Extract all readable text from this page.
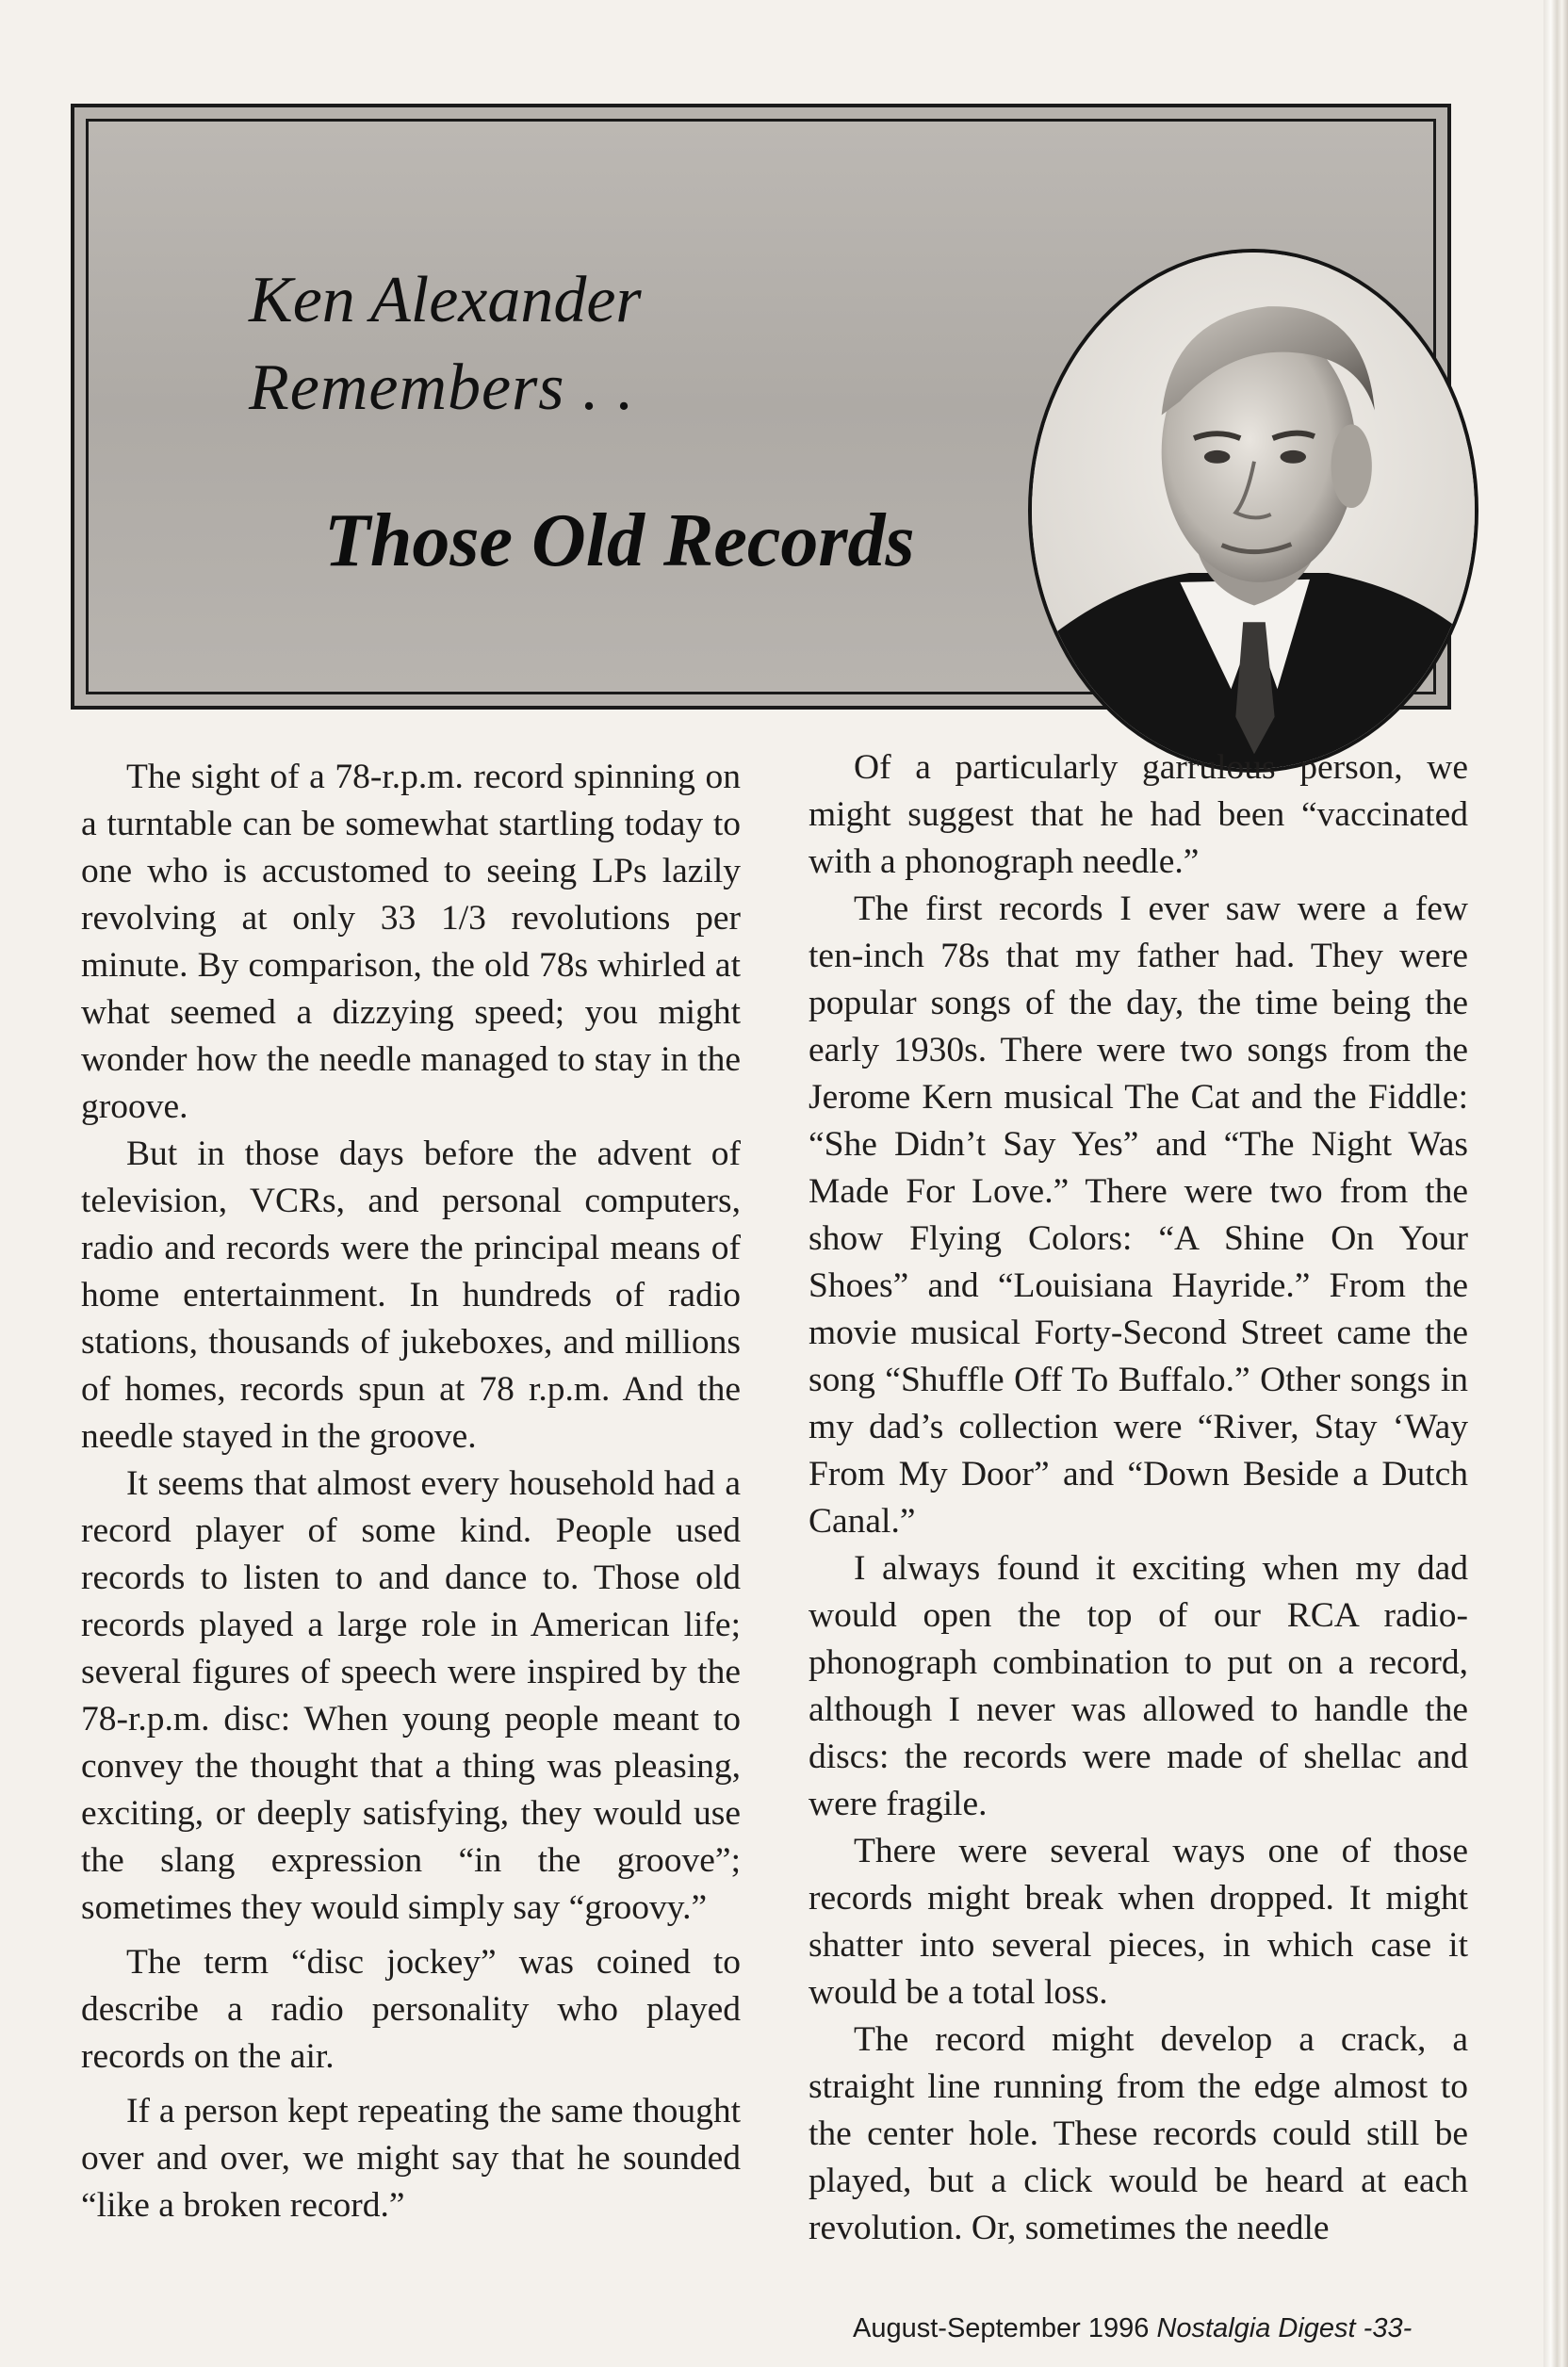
Ken Alexander
Remembers . .
Those Old Records

The sight of a 78-r.p.m. record spinning on a turntable can be somewhat startling today to one who is accustomed to seeing LPs lazily revolving at only 33 1/3 revolutions per minute. By comparison, the old 78s whirled at what seemed a dizzying speed; you might wonder how the needle managed to stay in the groove.

But in those days before the advent of television, VCRs, and personal computers, radio and records were the principal means of home entertainment. In hundreds of radio stations, thousands of jukeboxes, and millions of homes, records spun at 78 r.p.m. And the needle stayed in the groove.

It seems that almost every household had a record player of some kind. People used records to listen to and dance to. Those old records played a large role in American life; several figures of speech were inspired by the 78-r.p.m. disc: When young people meant to convey the thought that a thing was pleasing, exciting, or deeply satisfying, they would use the slang expression “in the groove”; sometimes they would simply say “groovy.”

The term “disc jockey” was coined to describe a radio personality who played records on the air.

If a person kept repeating the same thought over and over, we might say that he sounded “like a broken record.”

Of a particularly garrulous person, we might suggest that he had been “vaccinated with a phonograph needle.”

The first records I ever saw were a few ten-inch 78s that my father had. They were popular songs of the day, the time being the early 1930s. There were two songs from the Jerome Kern musical The Cat and the Fiddle: “She Didn’t Say Yes” and “The Night Was Made For Love.” There were two from the show Flying Colors: “A Shine On Your Shoes” and “Louisiana Hayride.” From the movie musical Forty-Second Street came the song “Shuffle Off To Buffalo.” Other songs in my dad’s collection were “River, Stay ‘Way From My Door” and “Down Beside a Dutch Canal.”

I always found it exciting when my dad would open the top of our RCA radio-phonograph combination to put on a record, although I never was allowed to handle the discs: the records were made of shellac and were fragile.

There were several ways one of those records might break when dropped. It might shatter into several pieces, in which case it would be a total loss.

The record might develop a crack, a straight line running from the edge almost to the center hole. These records could still be played, but a click would be heard at each revolution. Or, sometimes the needle

August-September 1996 Nostalgia Digest -33-
